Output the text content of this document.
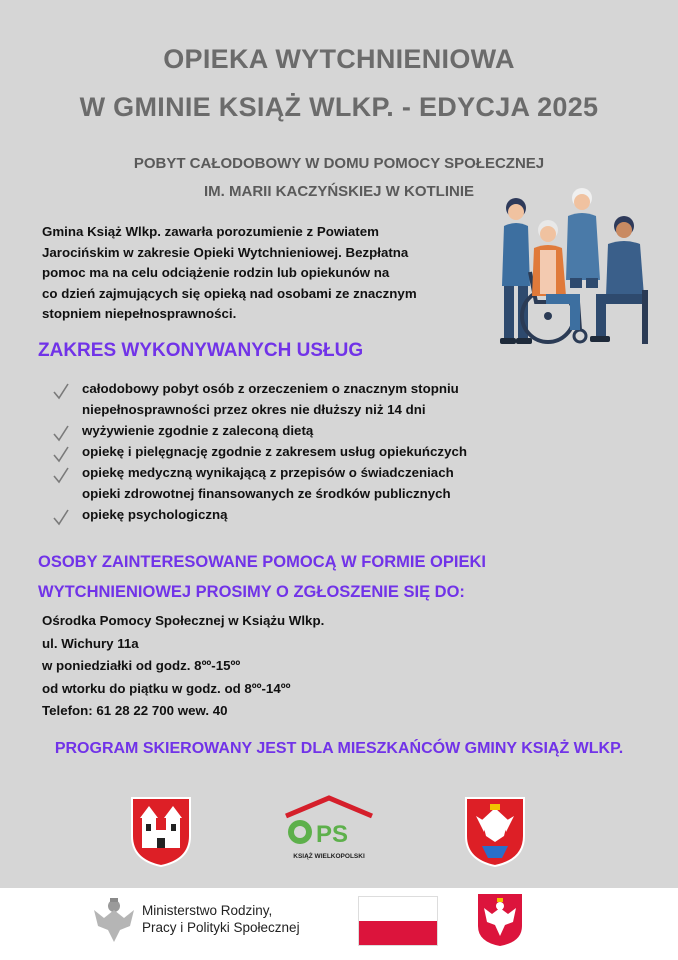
OPIEKA WYTCHNIENIOWA
W GMINIE KSIĄŻ WLKP. - EDYCJA 2025
POBYT CAŁODOBOWY W DOMU POMOCY SPOŁECZNEJ
IM. MARII KACZYŃSKIEJ W KOTLINIE
Gmina Książ Wlkp. zawarła porozumienie z Powiatem
Jarocińskim w zakresie Opieki Wytchnieniowej. Bezpłatna
pomoc ma na celu odciążenie rodzin lub opiekunów na
co dzień zajmujących się opieką nad osobami ze znacznym
stopniem niepełnosprawności.
ZAKRES WYKONYWANYCH USŁUG
całodobowy pobyt osób z orzeczeniem o znacznym stopniu
niepełnosprawności przez okres nie dłuższy niż 14 dni
wyżywienie zgodnie z zaleconą dietą
opiekę i pielęgnację zgodnie z zakresem usług opiekuńczych
opiekę medyczną wynikającą z przepisów o świadczeniach
opieki zdrowotnej finansowanych ze środków publicznych
opiekę psychologiczną
OSOBY ZAINTERESOWANE POMOCĄ W FORMIE OPIEKI
WYTCHNIENIOWEJ PROSIMY O ZGŁOSZENIE SIĘ DO:
Ośrodka Pomocy Społecznej w Książu Wlkp.
ul. Wichury 11a
w poniedziałki od godz. 8ºº-15ºº
od wtorku do piątku w godz. od 8ºº-14ºº
Telefon: 61 28 22 700 wew. 40
PROGRAM SKIEROWANY JEST DLA MIESZKAŃCÓW GMINY KSIĄŻ WLKP.
PS
KSIĄŻ WIELKOPOLSKI
Ministerstwo Rodziny,
Pracy i Polityki Społecznej
